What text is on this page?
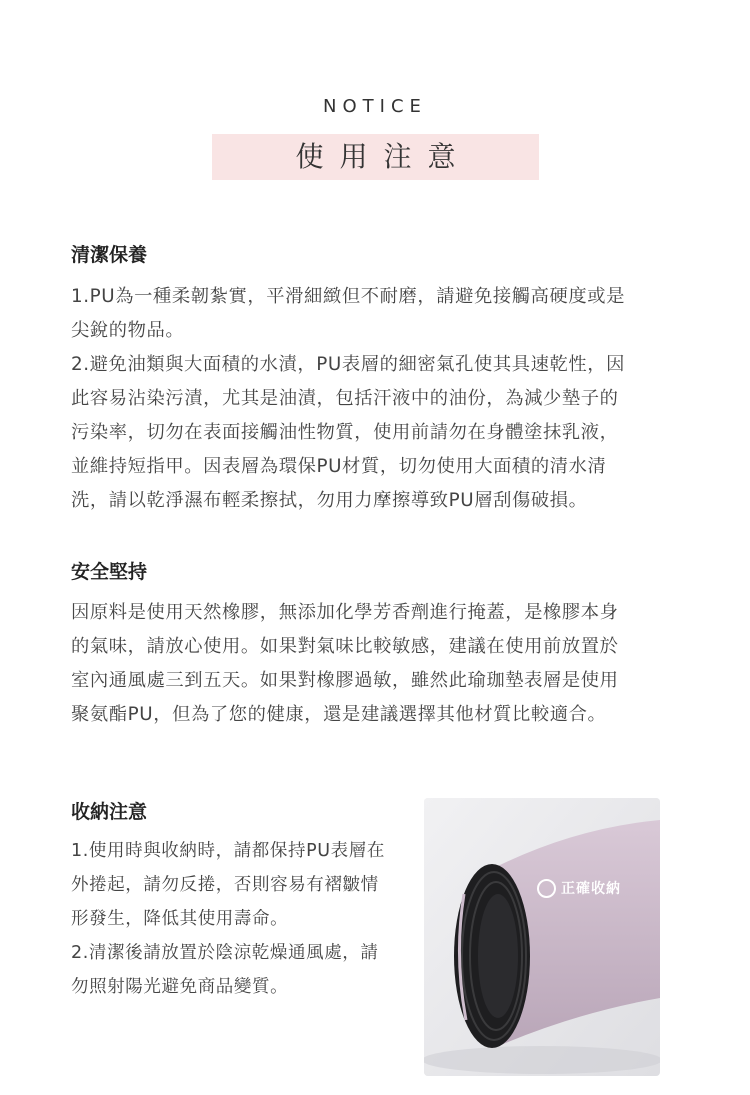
NOTICE
使用注意
清潔保養

1.PU為一種柔韌紮實，平滑細緻但不耐磨，請避免接觸高硬度或是

尖銳的物品。

2.避免油類與大面積的水漬，PU表層的細密氣孔使其具速乾性，因

此容易沾染污漬，尤其是油漬，包括汗液中的油份，為減少墊子的

污染率，切勿在表面接觸油性物質，使用前請勿在身體塗抹乳液，

並維持短指甲。因表層為環保PU材質，切勿使用大面積的清水清

洗，請以乾淨濕布輕柔擦拭，勿用力摩擦導致PU層刮傷破損。

安全堅持

因原料是使用天然橡膠，無添加化學芳香劑進行掩蓋，是橡膠本身

的氣味，請放心使用。如果對氣味比較敏感，建議在使用前放置於

室內通風處三到五天。如果對橡膠過敏，雖然此瑜珈墊表層是使用

聚氨酯PU，但為了您的健康，還是建議選擇其他材質比較適合。

收納注意

1.使用時與收納時，請都保持PU表層在

外捲起，請勿反捲，否則容易有褶皺情

形發生，降低其使用壽命。

2.清潔後請放置於陰涼乾燥通風處，請

勿照射陽光避免商品變質。

正確收納
